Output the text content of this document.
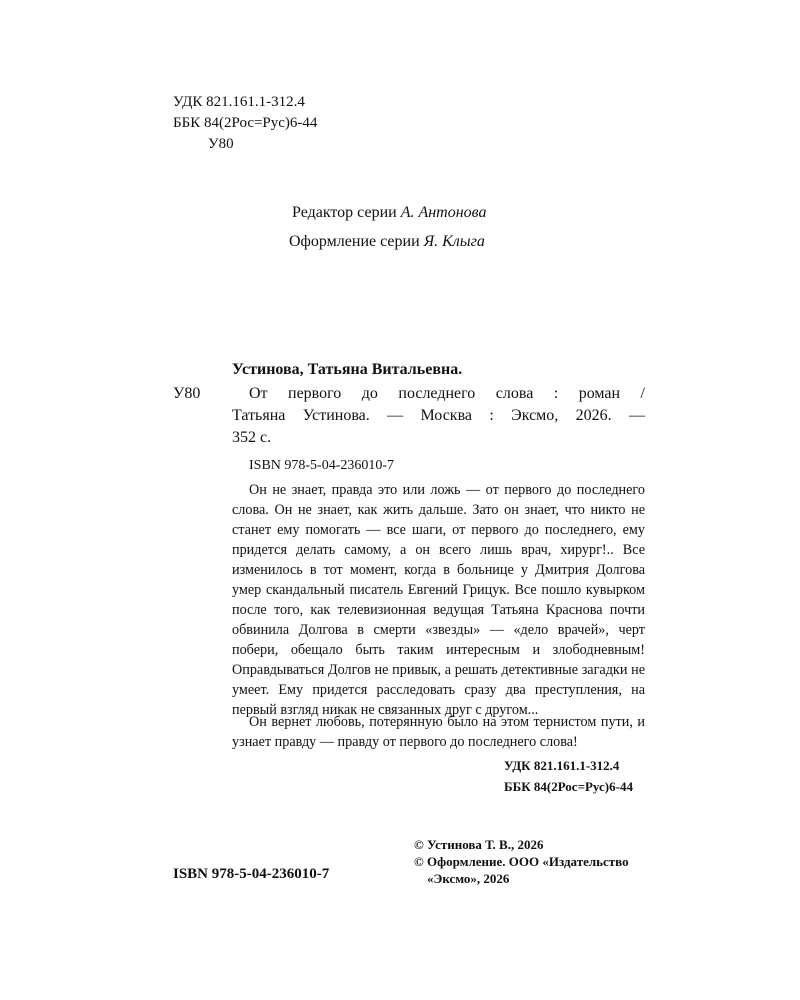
УДК 821.161.1-312.4
ББК 84(2Рос=Рус)6-44
У80
Редактор серии А. Антонова
Оформление серии Я. Клыга
Устинова, Татьяна Витальевна.
У80	От первого до последнего слова : роман /
Татьяна Устинова. — Москва : Эксмо, 2026. —
352 с.
ISBN 978-5-04-236010-7

Он не знает, правда это или ложь — от первого до последнего слова. Он не знает, как жить дальше. Зато он знает, что никто не станет ему помогать — все шаги, от первого до последнего, ему придется делать самому, а он всего лишь врач, хирург!.. Все изменилось в тот момент, когда в больнице у Дмитрия Долгова умер скандальный писатель Евгений Грицук. Все пошло кувырком после того, как телевизионная ведущая Татьяна Краснова почти обвинила Долгова в смерти «звезды» — «дело врачей», черт побери, обещало быть таким интересным и злободневным! Оправдываться Долгов не привык, а решать детективные загадки не умеет. Ему придется расследовать сразу два преступления, на первый взгляд никак не связанных друг с другом...

Он вернет любовь, потерянную было на этом тернистом пути, и узнает правду — правду от первого до последнего слова!

УДК 821.161.1-312.4
ББК 84(2Рос=Рус)6-44
ISBN 978-5-04-236010-7
© Устинова Т. В., 2026
© Оформление. ООО «Издательство
«Эксмо», 2026
